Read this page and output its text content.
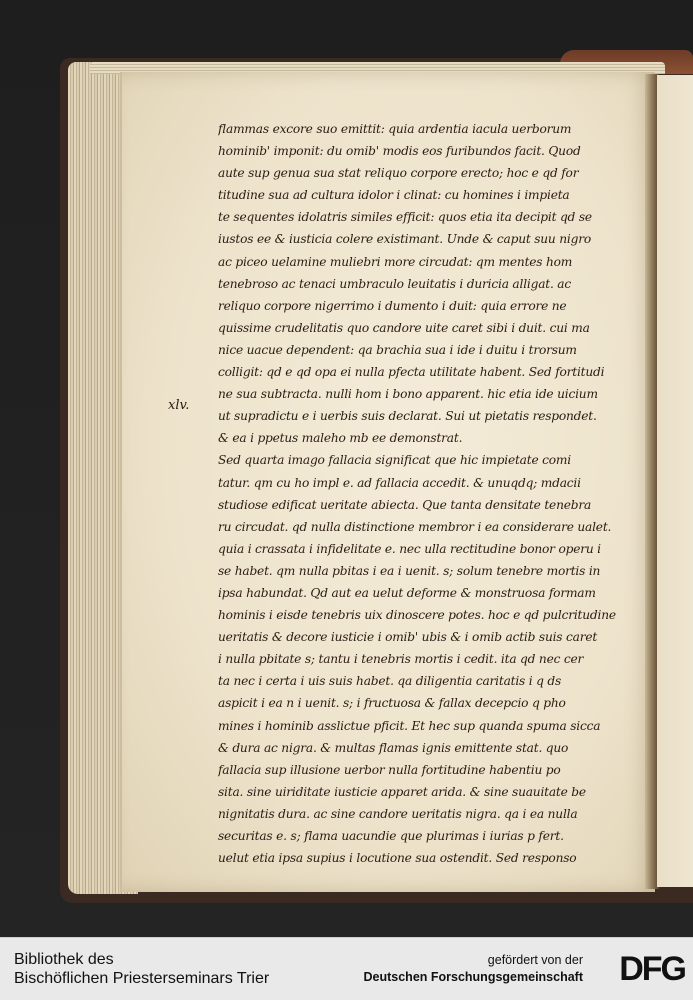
xlv.
flammas excore suo emittit: quia ardentia iacula uerborum
hominib' imponit: du omib' modis eos furibundos facit. Quod
aute sup genua sua stat reliquo corpore erecto; hoc e qd for
titudine sua ad cultura idolor i clinat: cu homines i impieta
te sequentes idolatris similes efficit: quos etia ita decipit qd se
iustos ee & iusticia colere existimant. Unde & caput suu nigro
ac piceo uelamine muliebri more circudat: qm mentes hom
tenebroso ac tenaci umbraculo leuitatis i duricia alligat. ac
reliquo corpore nigerrimo i dumento i duit: quia errore ne
quissime crudelitatis quo candore uite caret sibi i duit. cui ma
nice uacue dependent: qa brachia sua i ide i duitu i trorsum
colligit: qd e qd opa ei nulla pfecta utilitate habent. Sed fortitudi
ne sua subtracta. nulli hom i bono apparent. hic etia ide uicium
ut supradictu e i uerbis suis declarat. Sui ut pietatis respondet.
& ea i ppetus maleho mb ee demonstrat.
Sed quarta imago fallacia significat que hic impietate comi
tatur. qm cu ho impl e. ad fallacia accedit. & unuqdq; mdacii
studiose edificat ueritate abiecta. Que tanta densitate tenebra
ru circudat. qd nulla distinctione membror i ea considerare ualet.
quia i crassata i infidelitate e. nec ulla rectitudine bonor operu i
se habet. qm nulla pbitas i ea i uenit. s; solum tenebre mortis in
ipsa habundat. Qd aut ea uelut deforme & monstruosa formam
hominis i eisde tenebris uix dinoscere potes. hoc e qd pulcritudine
ueritatis & decore iusticie i omib' ubis & i omib actib suis caret
i nulla pbitate s; tantu i tenebris mortis i cedit. ita qd nec cer
ta nec i certa i uis suis habet. qa diligentia caritatis i q ds
aspicit i ea n i uenit. s; i fructuosa & fallax decepcio q pho
mines i hominib asslictue pficit. Et hec sup quanda spuma sicca
& dura ac nigra. & multas flamas ignis emittente stat. quo
fallacia sup illusione uerbor nulla fortitudine habentiu po
sita. sine uiriditate iusticie apparet arida. & sine suauitate be
nignitatis dura. ac sine candore ueritatis nigra. qa i ea nulla
securitas e. s; flama uacundie que plurimas i iurias p fert.
uelut etia ipsa supius i locutione sua ostendit. Sed responso
Bibliothek des
Bischöflichen Priesterseminars Trier
gefördert von der
Deutschen Forschungsgemeinschaft DFG
